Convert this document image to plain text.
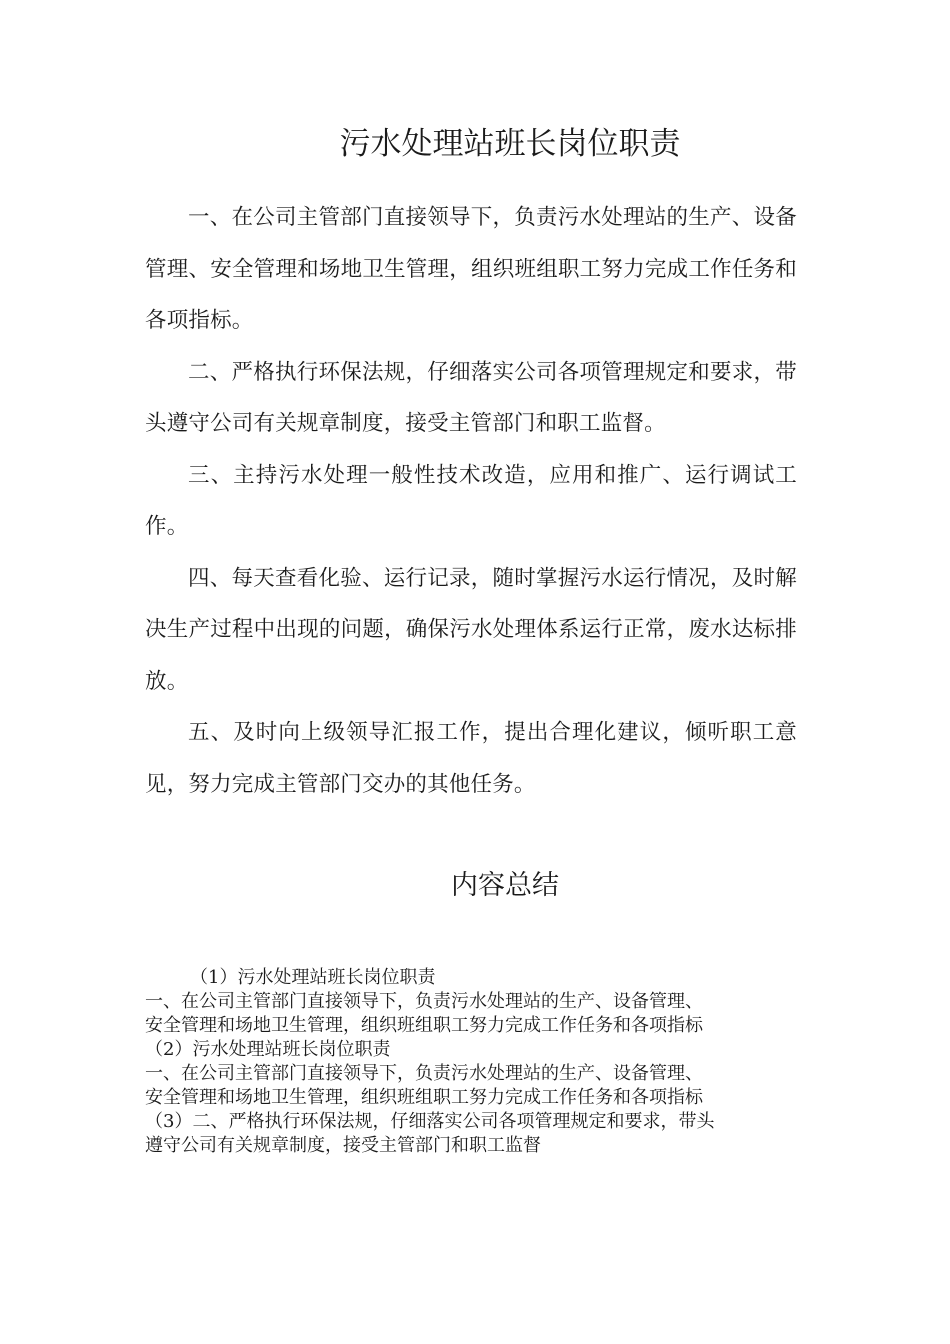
污水处理站班长岗位职责

一、在公司主管部门直接领导下，负责污水处理站的生产、设备管理、安全管理和场地卫生管理，组织班组职工努力完成工作任务和各项指标。

二、严格执行环保法规，仔细落实公司各项管理规定和要求，带头遵守公司有关规章制度，接受主管部门和职工监督。

三、主持污水处理一般性技术改造，应用和推广、运行调试工作。

四、每天查看化验、运行记录，随时掌握污水运行情况，及时解决生产过程中出现的问题，确保污水处理体系运行正常，废水达标排放。

五、及时向上级领导汇报工作，提出合理化建议，倾听职工意见，努力完成主管部门交办的其他任务。

内容总结
（1）污水处理站班长岗位职责
一、在公司主管部门直接领导下，负责污水处理站的生产、设备管理、
安全管理和场地卫生管理，组织班组职工努力完成工作任务和各项指标
（2）污水处理站班长岗位职责
一、在公司主管部门直接领导下，负责污水处理站的生产、设备管理、
安全管理和场地卫生管理，组织班组职工努力完成工作任务和各项指标
（3）二、严格执行环保法规，仔细落实公司各项管理规定和要求，带头
遵守公司有关规章制度，接受主管部门和职工监督
